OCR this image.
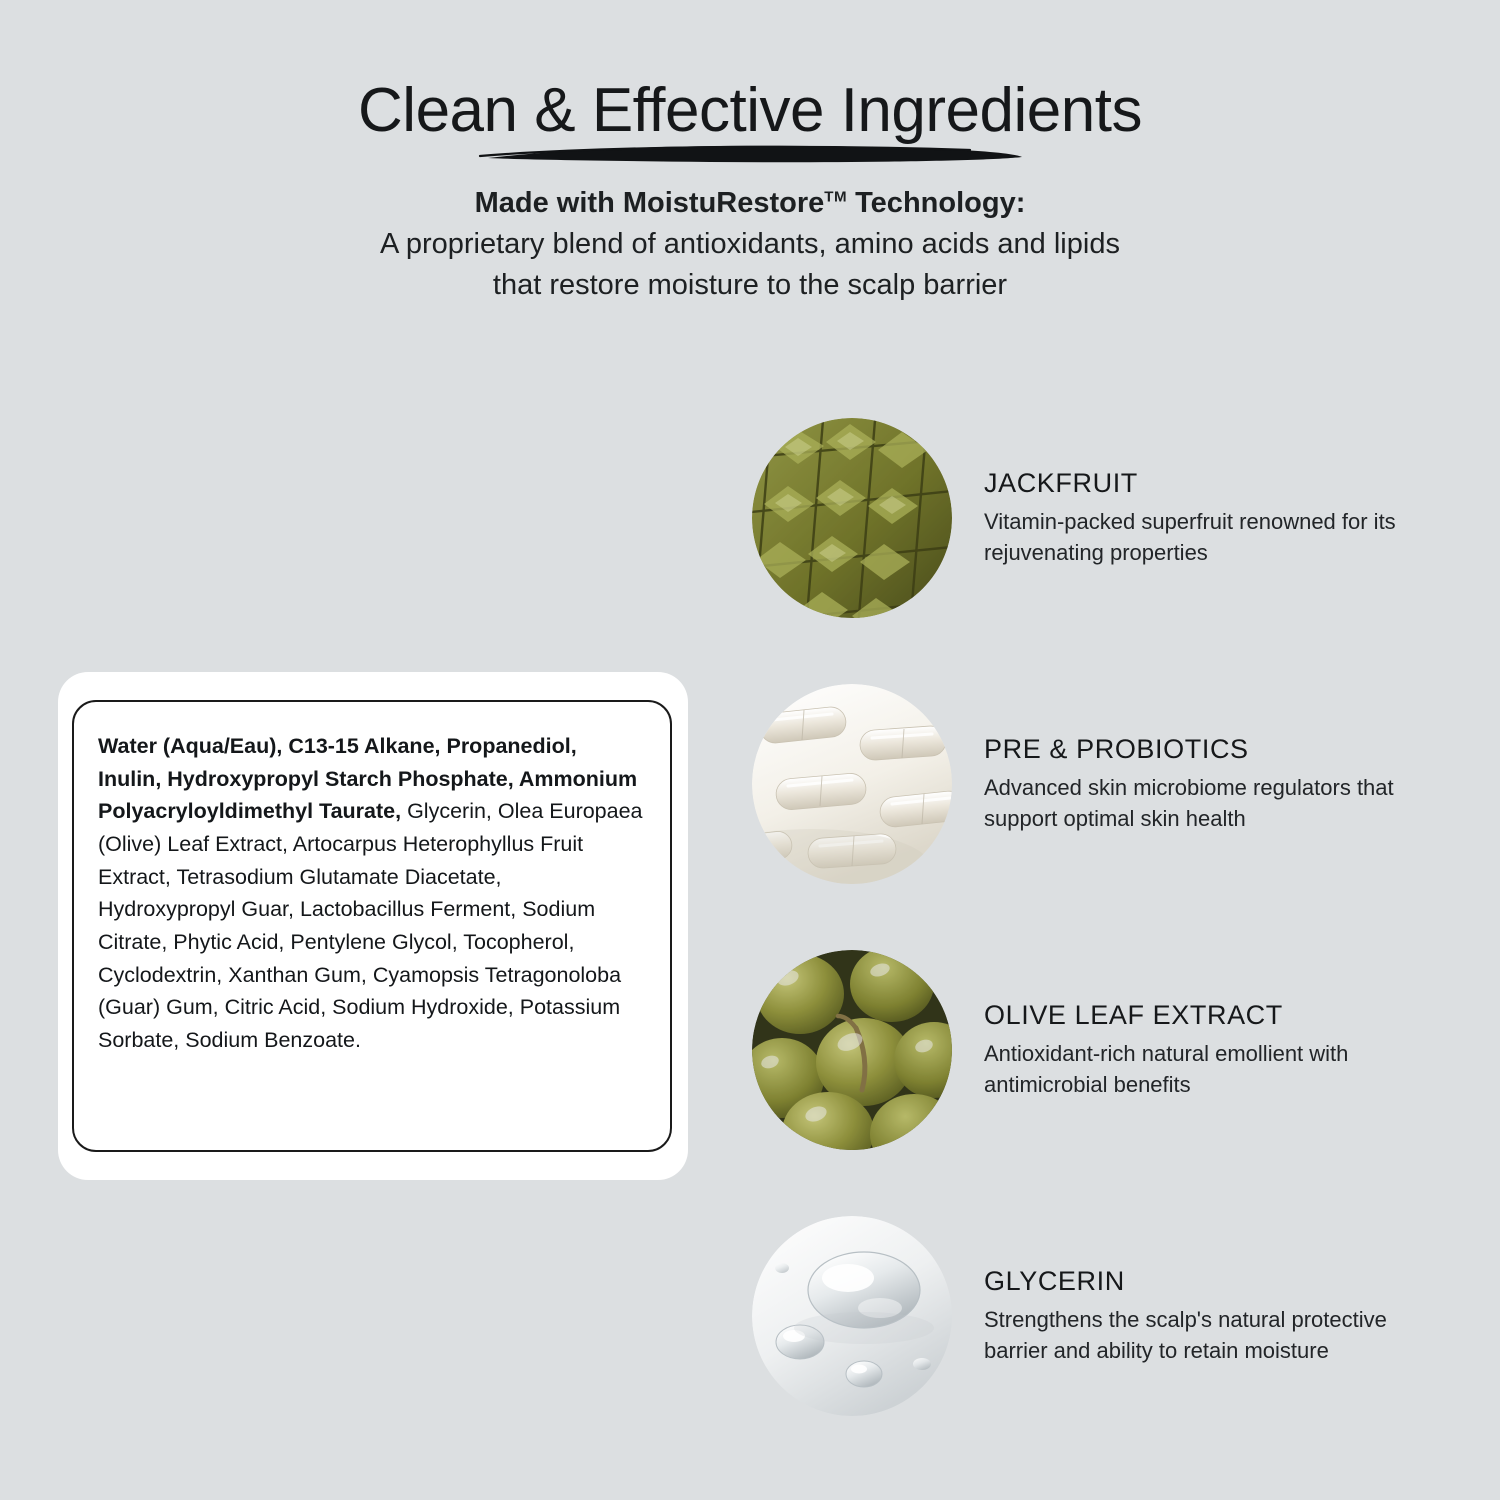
Clean & Effective Ingredients
Made with MoistuRestore™ Technology:
A proprietary blend of antioxidants, amino acids and lipids
that restore moisture to the scalp barrier

Water (Aqua/Eau), C13-15 Alkane, Propanediol, Inulin, Hydroxypropyl Starch Phosphate, Ammonium Polyacryloyldimethyl Taurate, Glycerin, Olea Europaea (Olive) Leaf Extract, Artocarpus Heterophyllus Fruit Extract, Tetrasodium Glutamate Diacetate, Hydroxypropyl Guar, Lactobacillus Ferment, Sodium Citrate, Phytic Acid, Pentylene Glycol, Tocopherol, Cyclodextrin, Xanthan Gum, Cyamopsis Tetragonoloba (Guar) Gum, Citric Acid, Sodium Hydroxide, Potassium Sorbate, Sodium Benzoate.

JACKFRUIT

Vitamin-packed superfruit renowned for its rejuvenating properties

PRE & PROBIOTICS

Advanced skin microbiome regulators that support optimal skin health

OLIVE LEAF EXTRACT

Antioxidant-rich natural emollient with antimicrobial benefits

GLYCERIN

Strengthens the scalp's natural protective barrier and ability to retain moisture
